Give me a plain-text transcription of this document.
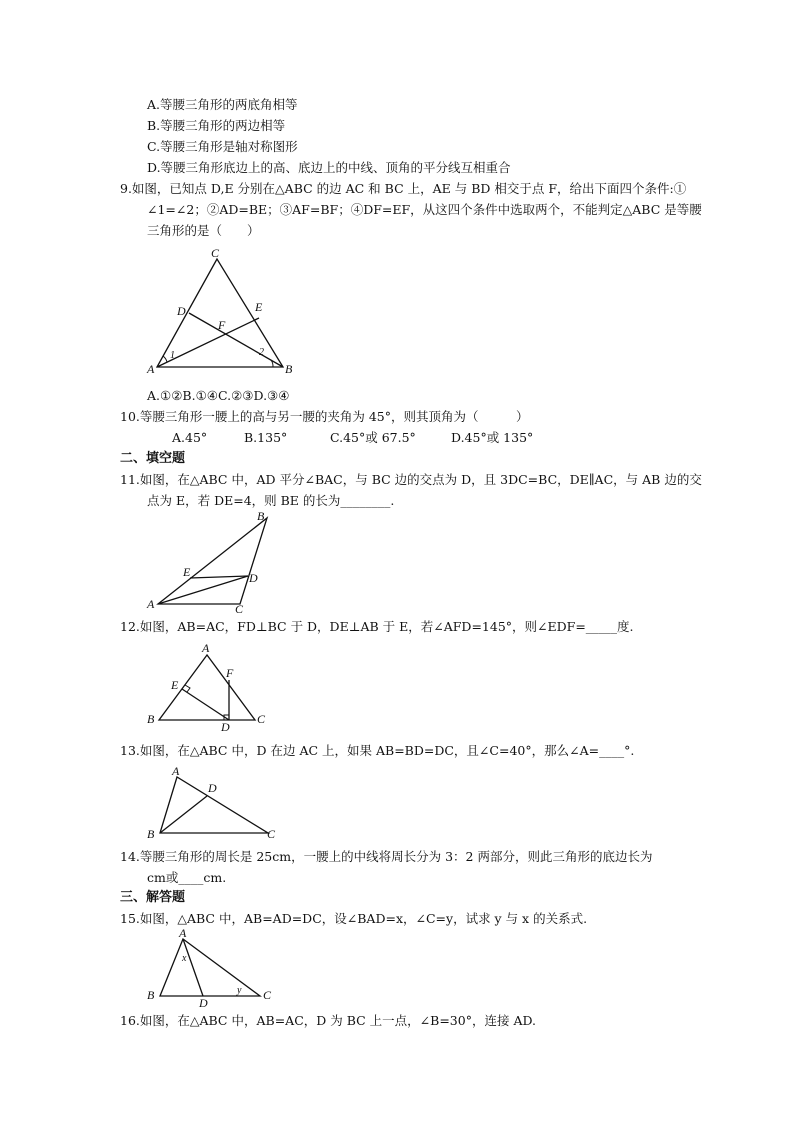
A.等腰三角形的两底角相等
B.等腰三角形的两边相等
C.等腰三角形是轴对称图形
D.等腰三角形底边上的高、底边上的中线、顶角的平分线互相重合
9.如图，已知点 D,E 分别在△ABC 的边 AC 和 BC 上，AE 与 BD 相交于点 F，给出下面四个条件:①
∠1=∠2；②AD=BE；③AF=BF；④DF=EF，从这四个条件中选取两个，不能判定△ABC 是等腰
三角形的是（　　）
C
D	E
F
A	B
1	2
A.①②B.①④C.②③D.③④
10.等腰三角形一腰上的高与另一腰的夹角为 45°，则其顶角为（　　　）
A.45°	B.135°	C.45°或 67.5°	D.45°或 135°
二、填空题
11.如图，在△ABC 中，AD 平分∠BAC，与 BC 边的交点为 D，且 3DC=BC，DE∥AC，与 AB 边的交
点为 E，若 DE=4，则 BE 的长为________.
B
E	D
A	C
12.如图，AB=AC，FD⊥BC 于 D，DE⊥AB 于 E，若∠AFD=145°，则∠EDF=_____度.
A
F
E
B	C
D
13.如图，在△ABC 中，D 在边 AC 上，如果 AB=BD=DC，且∠C=40°，那么∠A=____°.
A
D
B	C
14.等腰三角形的周长是 25cm，一腰上的中线将周长分为 3：2 两部分，则此三角形的底边长为
cm或____cm.
三、解答题
15.如图，△ABC 中，AB=AD=DC，设∠BAD=x，∠C=y，试求 y 与 x 的关系式.
A
x
y
B
D
C
16.如图，在△ABC 中，AB=AC，D 为 BC 上一点，∠B=30°，连接 AD.
